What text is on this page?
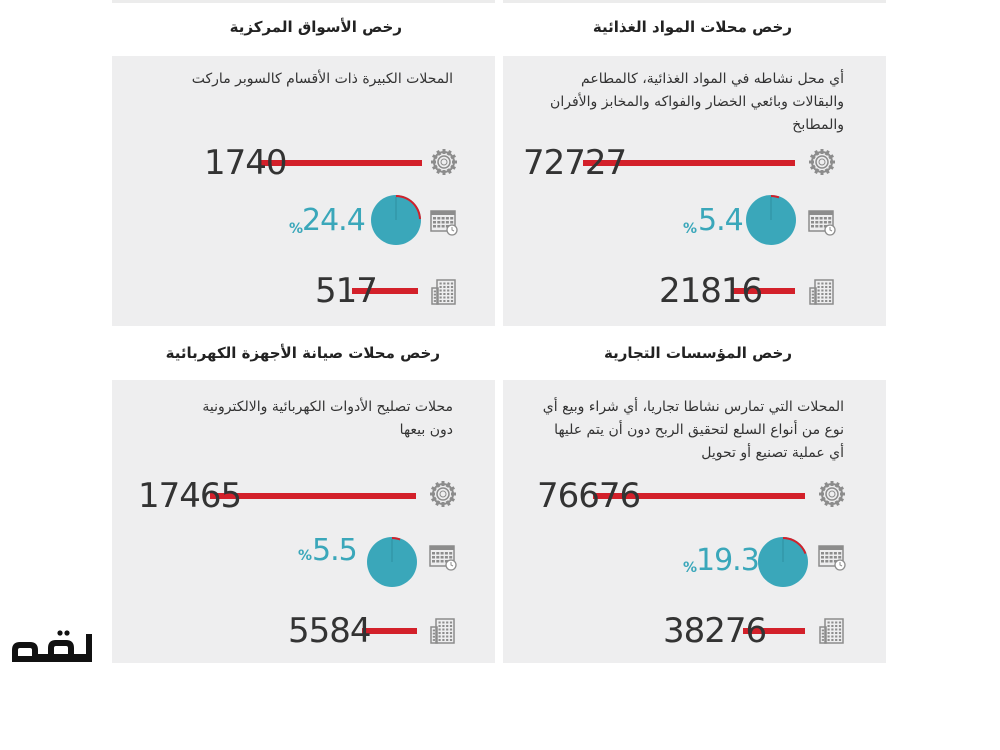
رخص محلات المواد الغذائية
أي محل نشاطه في المواد الغذائية، كالمطاعم
والبقالات وبائعي الخضار والفواكه والمخابز والأفران
والمطابخ
72727
5.4
%
21816
رخص الأسواق المركزية
المحلات الكبيرة ذات الأقسام كالسوبر ماركت
1740
24.4
%
517
رخص المؤسسات التجارية
المحلات التي تمارس نشاطا تجاريا، أي شراء وبيع أي
نوع من أنواع السلع لتحقيق الربح دون أن يتم عليها
أي عملية تصنيع أو تحويل
76676
19.3
%
38276
رخص محلات صيانة الأجهزة الكهربائية
محلات تصليح الأدوات الكهربائية والالكترونية
دون بيعها
17465
5.5
%
5584
